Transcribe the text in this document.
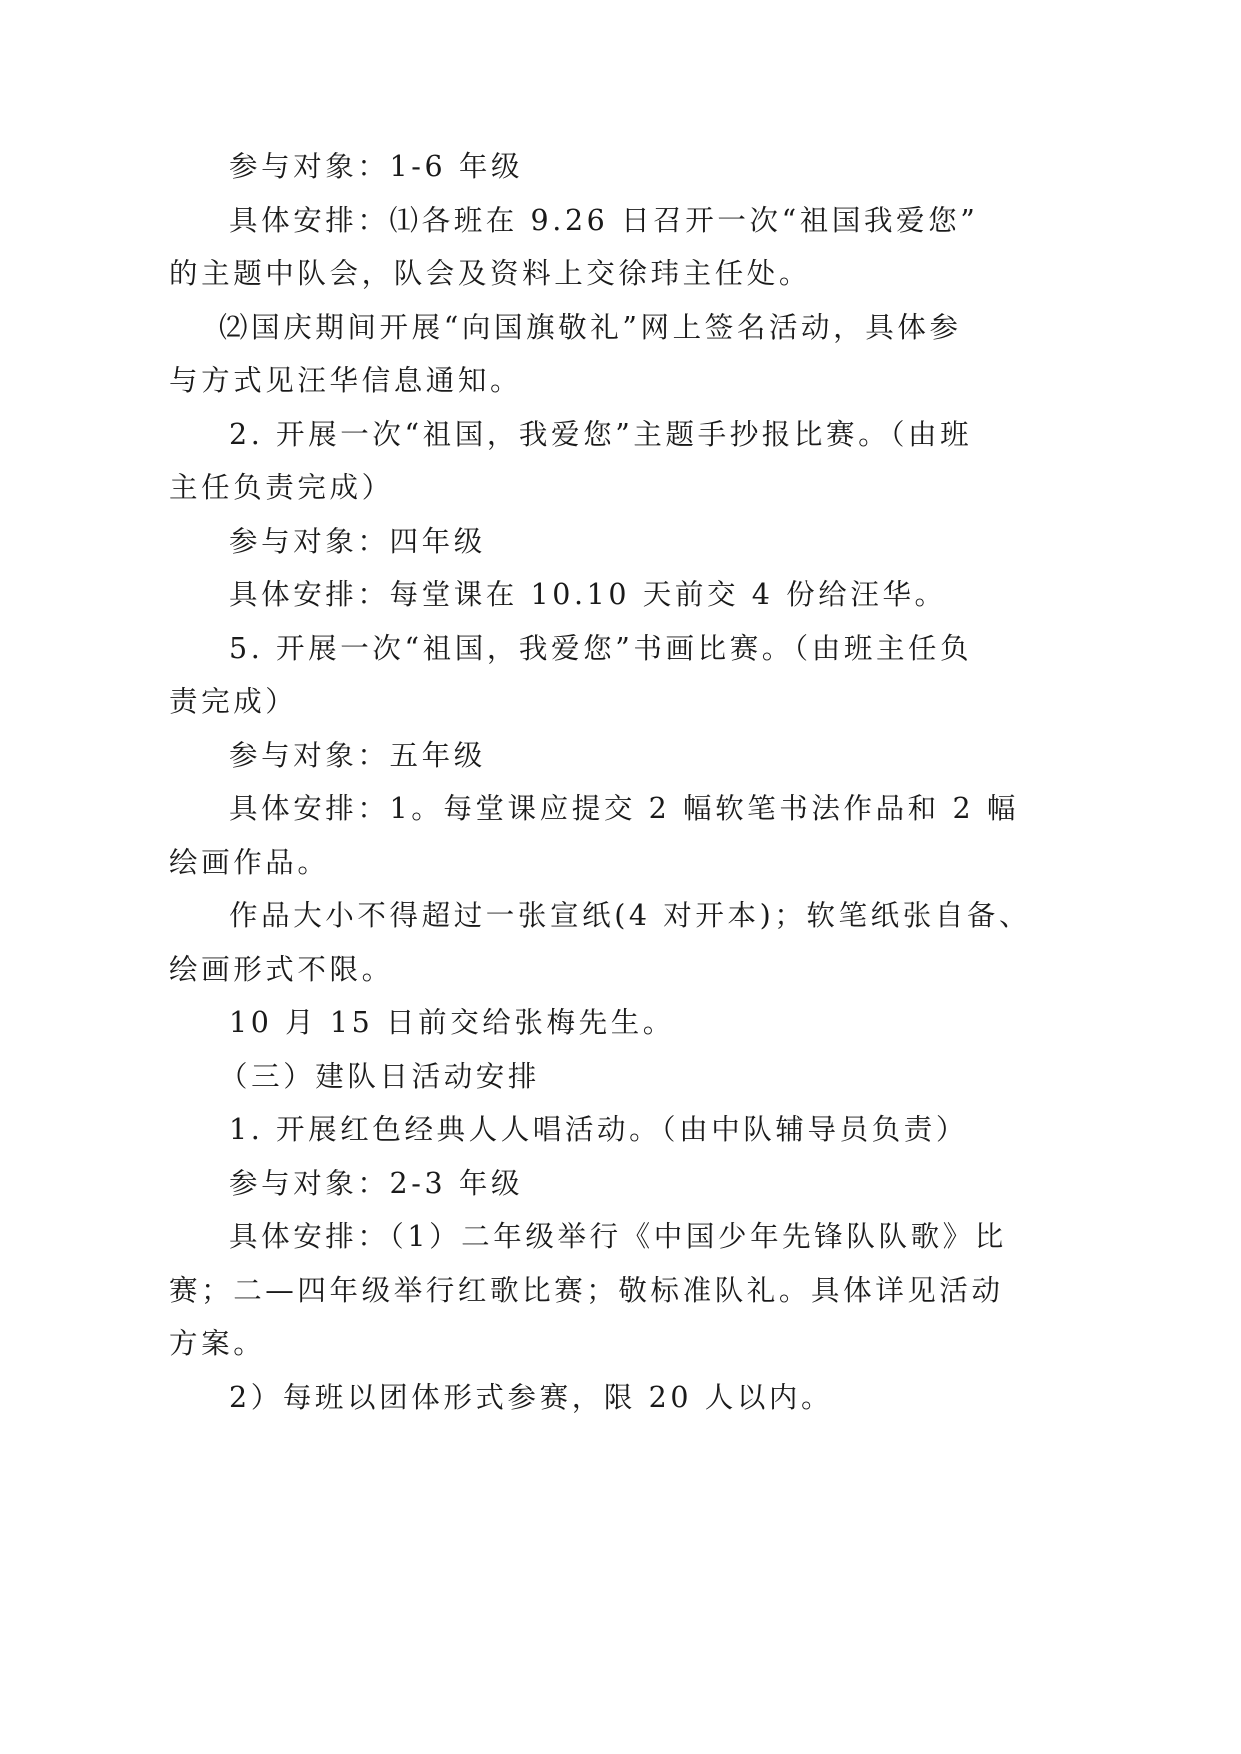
参与对象：1-6 年级
具体安排：⑴各班在 9.26 日召开一次“祖国我爱您”
的主题中队会，队会及资料上交徐玮主任处。
⑵国庆期间开展“向国旗敬礼”网上签名活动，具体参
与方式见汪华信息通知。
2. 开展一次“祖国，我爱您”主题手抄报比赛。（由班
主任负责完成）
参与对象：四年级
具体安排：每堂课在 10.10 天前交 4 份给汪华。
5. 开展一次“祖国，我爱您”书画比赛。（由班主任负
责完成）
参与对象：五年级
具体安排：1。每堂课应提交 2 幅软笔书法作品和 2 幅
绘画作品。
作品大小不得超过一张宣纸(4 对开本)；软笔纸张自备、
绘画形式不限。
10 月 15 日前交给张梅先生。
（三）建队日活动安排
1. 开展红色经典人人唱活动。（由中队辅导员负责）
参与对象：2-3 年级
具体安排：（1）二年级举行《中国少年先锋队队歌》比
赛；二—四年级举行红歌比赛；敬标准队礼。具体详见活动
方案。
2）每班以团体形式参赛，限 20 人以内。
